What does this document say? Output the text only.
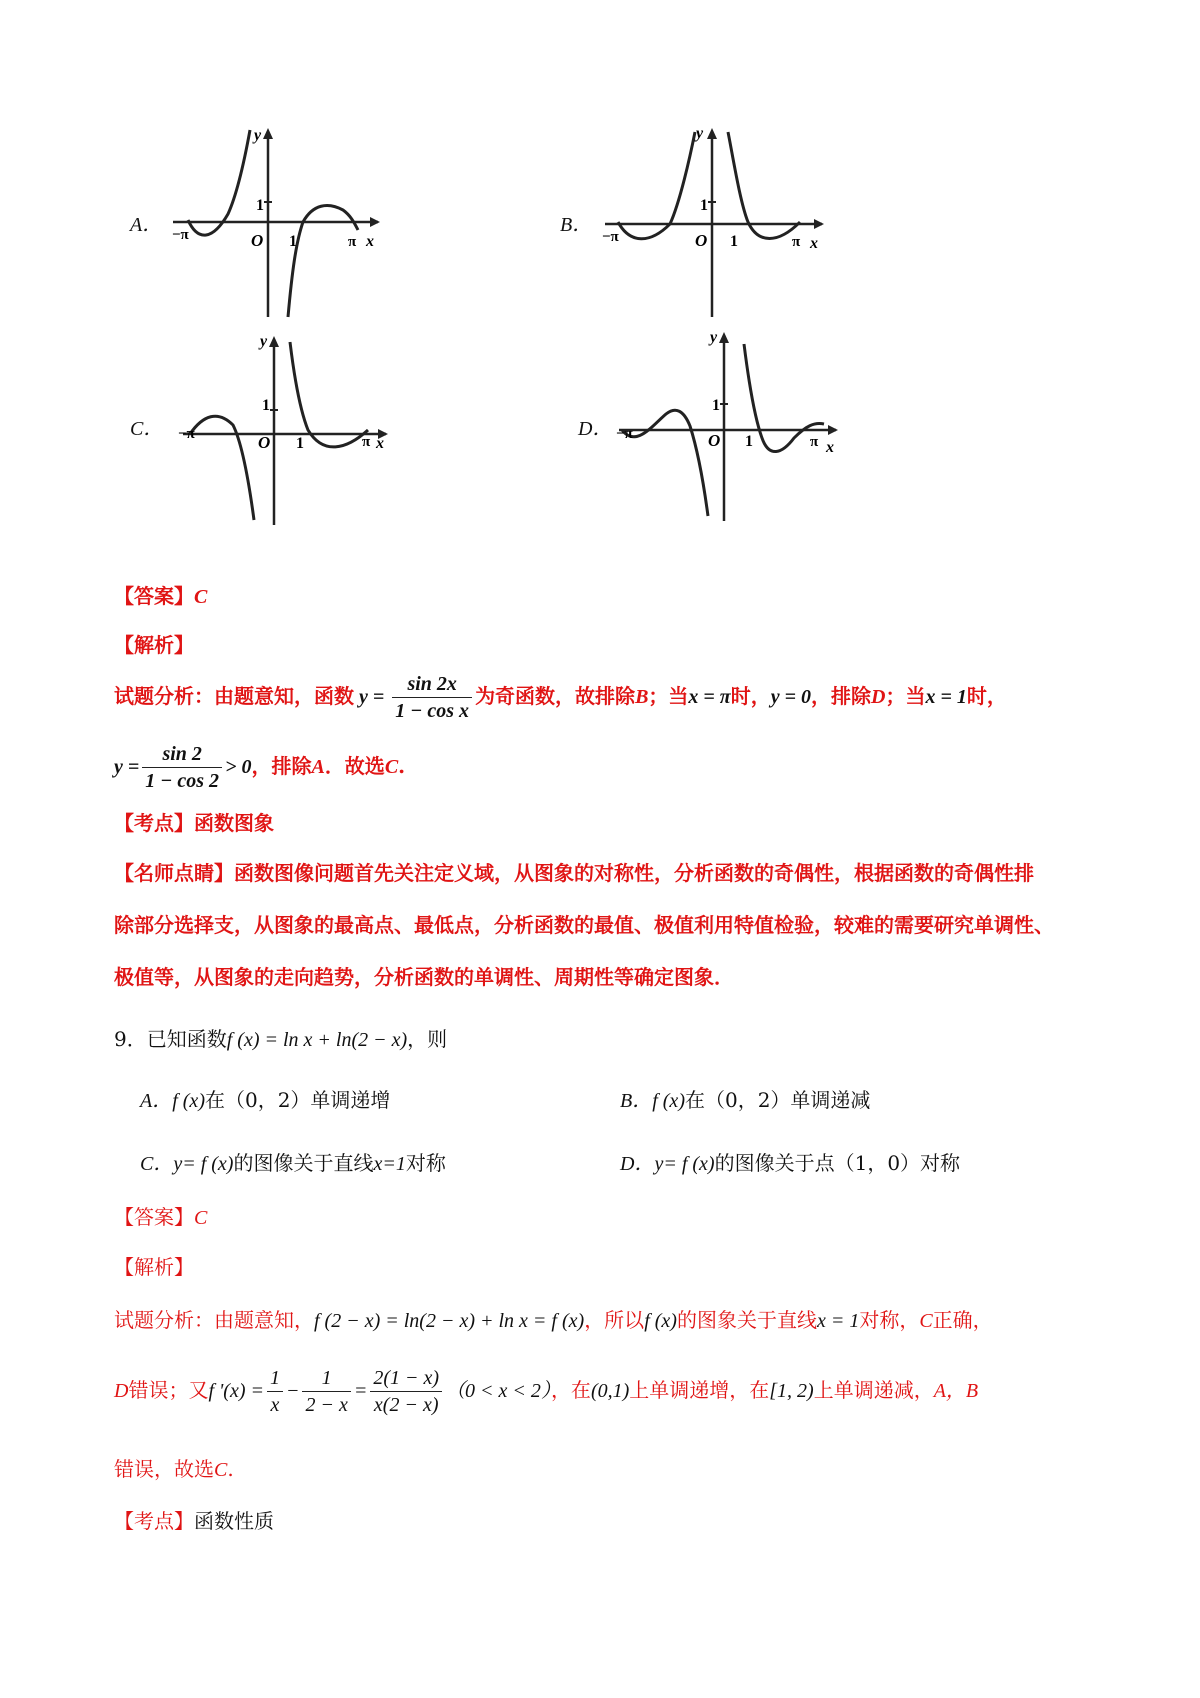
A．
1
O 1
−π	π x
y
B．
1
O 1
−π	π x
y
C．
1
O 1
−π	π x
y
D．
1
O 1
−π	π x
y
【答案】C
【解析】
试题分析：由题意知，函数 $y = \frac{\sin 2x}{\text{1 − cos x}}$ 为奇函数，故排除B；当x = π时，y = 0，排除D；当x = 1时，
$y = \frac{\sin 2}{1 - \cos 2} > 0$，排除A．故选C.
【考点】函数图象
【名师点睛】函数图像问题首先关注定义域，从图象的对称性，分析函数的奇偶性，根据函数的奇偶性排
除部分选择支，从图象的最高点、最低点，分析函数的最值、极值利用特值检验，较难的需要研究单调性、
极值等，从图象的走向趋势，分析函数的单调性、周期性等确定图象．
9．已知函数f (x) = ln x + ln(2 − x)，则
A．f (x)在（0，2）单调递增	B．f (x)在（0，2）单调递减
C．y= f (x)的图像关于直线x=1对称	D．y= f (x)的图像关于点（1，0）对称
【答案】C
【解析】
试题分析：由题意知，f (2 − x) = ln(2 − x) + ln x = f (x)，所以f (x)的图象关于直线x = 1对称，C正确，
D错误；又f '$(x) = \frac{1}{x} - \frac{1}{2 - x} = \frac{2(1 - x)}{x(2 - x)} (0 < x < 2)$，在(0,1)上单调递增，在[1, 2)上单调递减，A，B
错误，故选C.
【考点】函数性质
